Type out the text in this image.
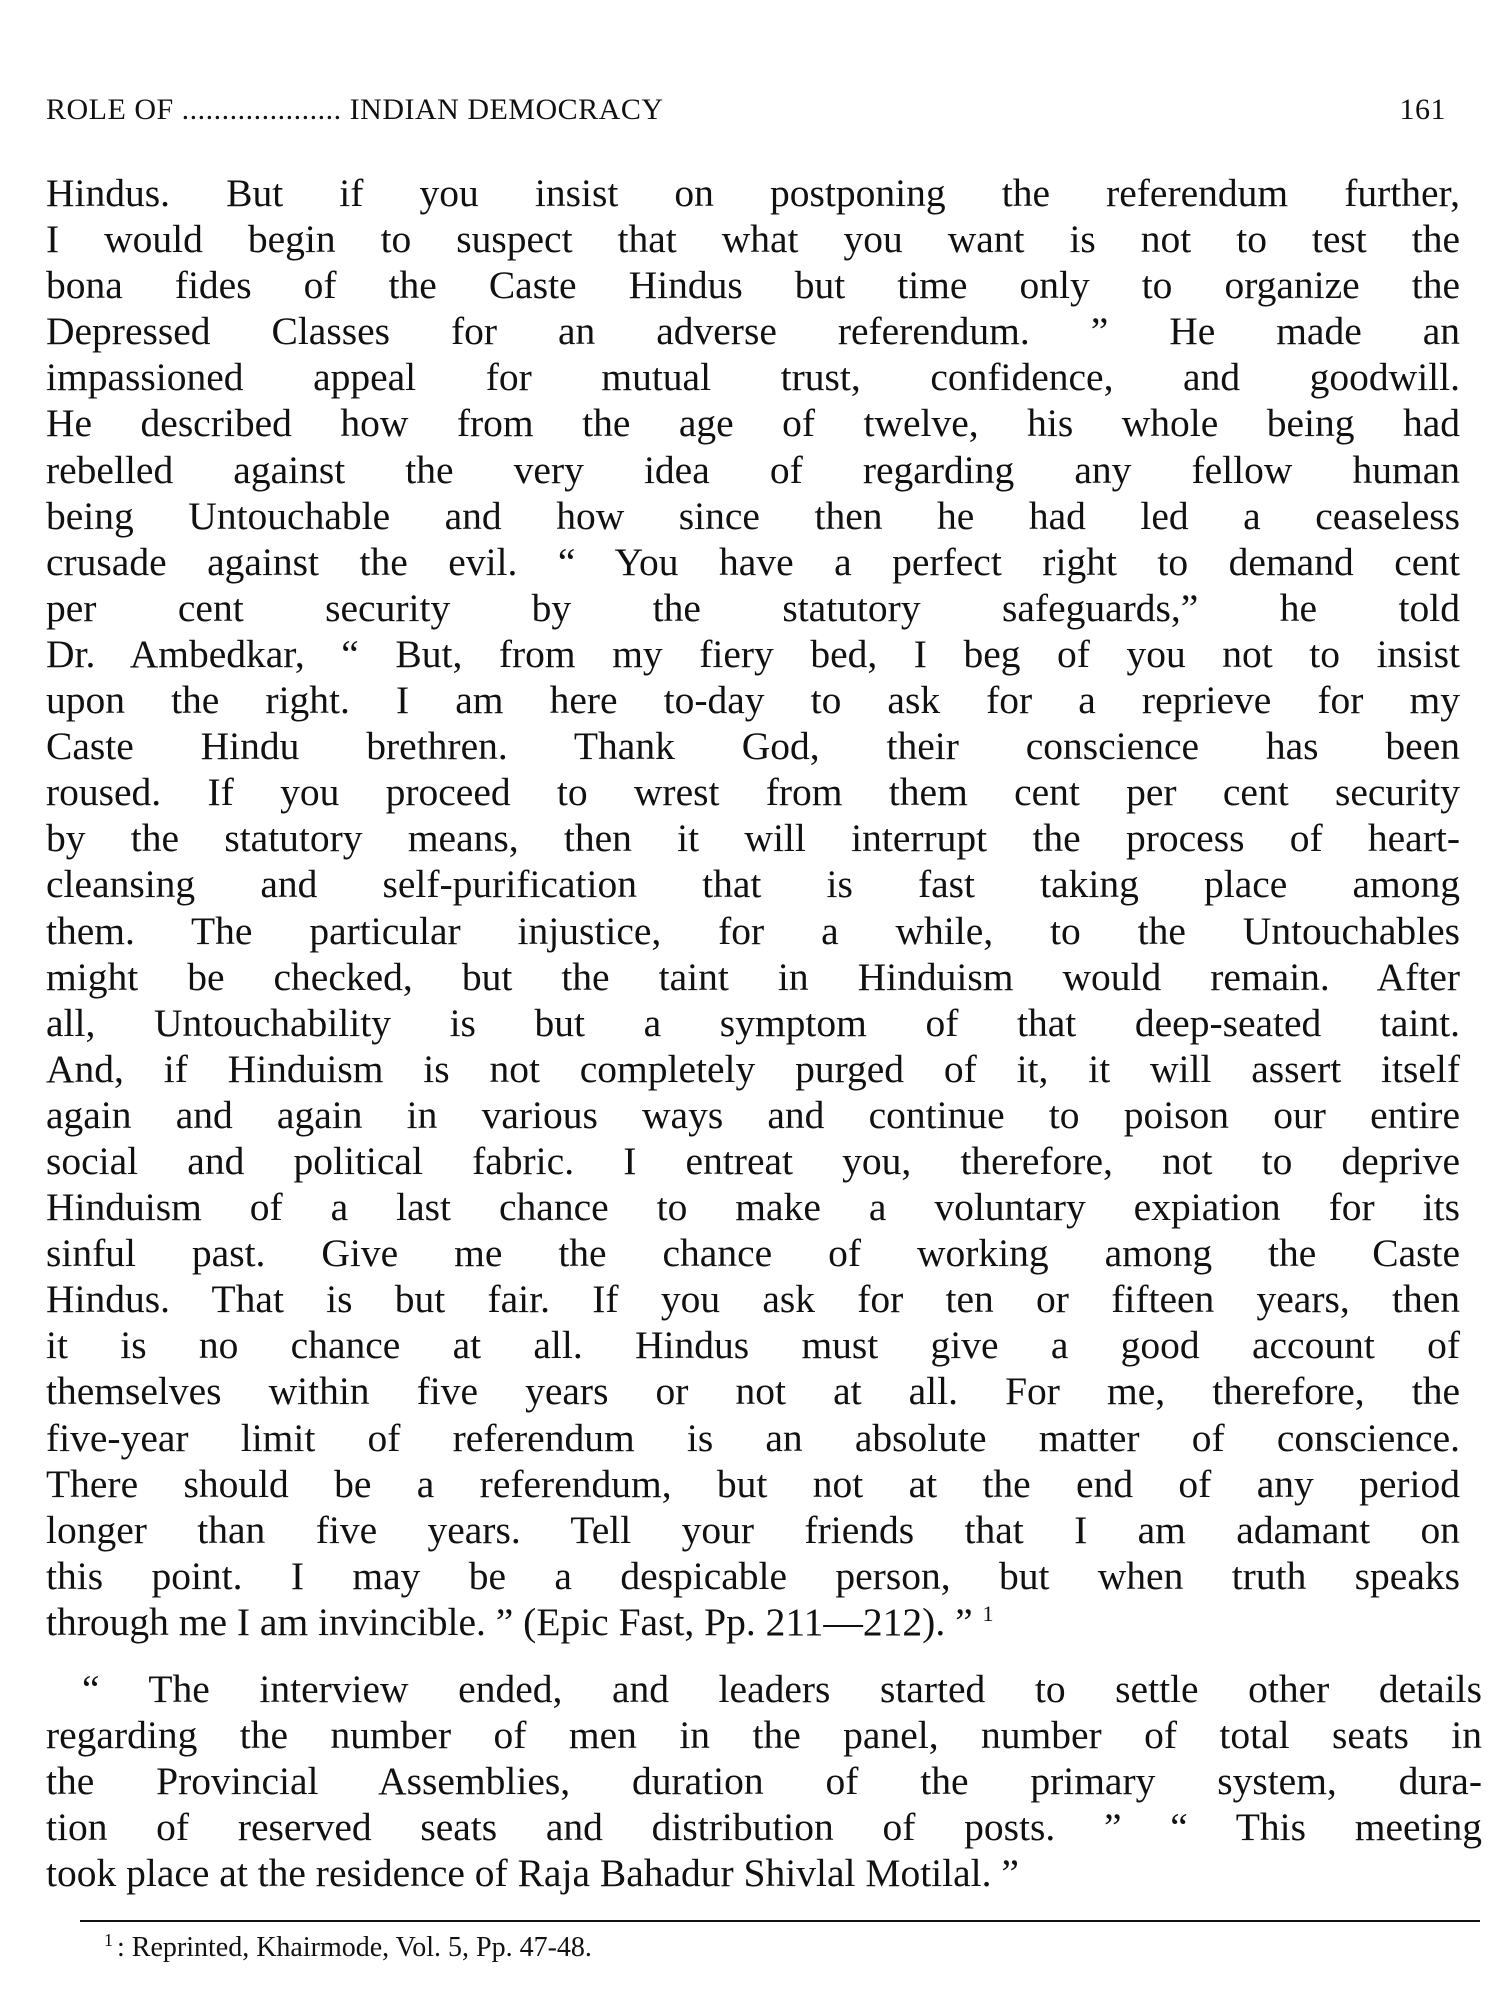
ROLE OF .................... INDIAN DEMOCRACY	161
Hindus. But if you insist on postponing the referendum further,
I would begin to suspect that what you want is not to test the
bona fides of the Caste Hindus but time only to organize the
Depressed Classes for an adverse referendum. ” He made an
impassioned appeal for mutual trust, confidence, and goodwill.
He described how from the age of twelve, his whole being had
rebelled against the very idea of regarding any fellow human
being Untouchable and how since then he had led a ceaseless
crusade against the evil. “ You have a perfect right to demand cent
per cent security by the statutory safeguards,” he told
Dr. Ambedkar, “ But, from my fiery bed, I beg of you not to insist
upon the right. I am here to-day to ask for a reprieve for my
Caste Hindu brethren. Thank God, their conscience has been
roused. If you proceed to wrest from them cent per cent security
by the statutory means, then it will interrupt the process of heart-
cleansing and self-purification that is fast taking place among
them. The particular injustice, for a while, to the Untouchables
might be checked, but the taint in Hinduism would remain. After
all, Untouchability is but a symptom of that deep-seated taint.
And, if Hinduism is not completely purged of it, it will assert itself
again and again in various ways and continue to poison our entire
social and political fabric. I entreat you, therefore, not to deprive
Hinduism of a last chance to make a voluntary expiation for its
sinful past. Give me the chance of working among the Caste
Hindus. That is but fair. If you ask for ten or fifteen years, then
it is no chance at all. Hindus must give a good account of
themselves within five years or not at all. For me, therefore, the
five-year limit of referendum is an absolute matter of conscience.
There should be a referendum, but not at the end of any period
longer than five years. Tell your friends that I am adamant on
this point. I may be a despicable person, but when truth speaks
through me I am invincible. ” (Epic Fast, Pp. 211—212). ” $^1$
“ The interview ended, and leaders started to settle other details
regarding the number of men in the panel, number of total seats in
the Provincial Assemblies, duration of the primary system, dura-
tion of reserved seats and distribution of posts. ” “ This meeting
took place at the residence of Raja Bahadur Shivlal Motilal. ”
$^1$ : Reprinted, Khairmode, Vol. 5, Pp. 47-48.
